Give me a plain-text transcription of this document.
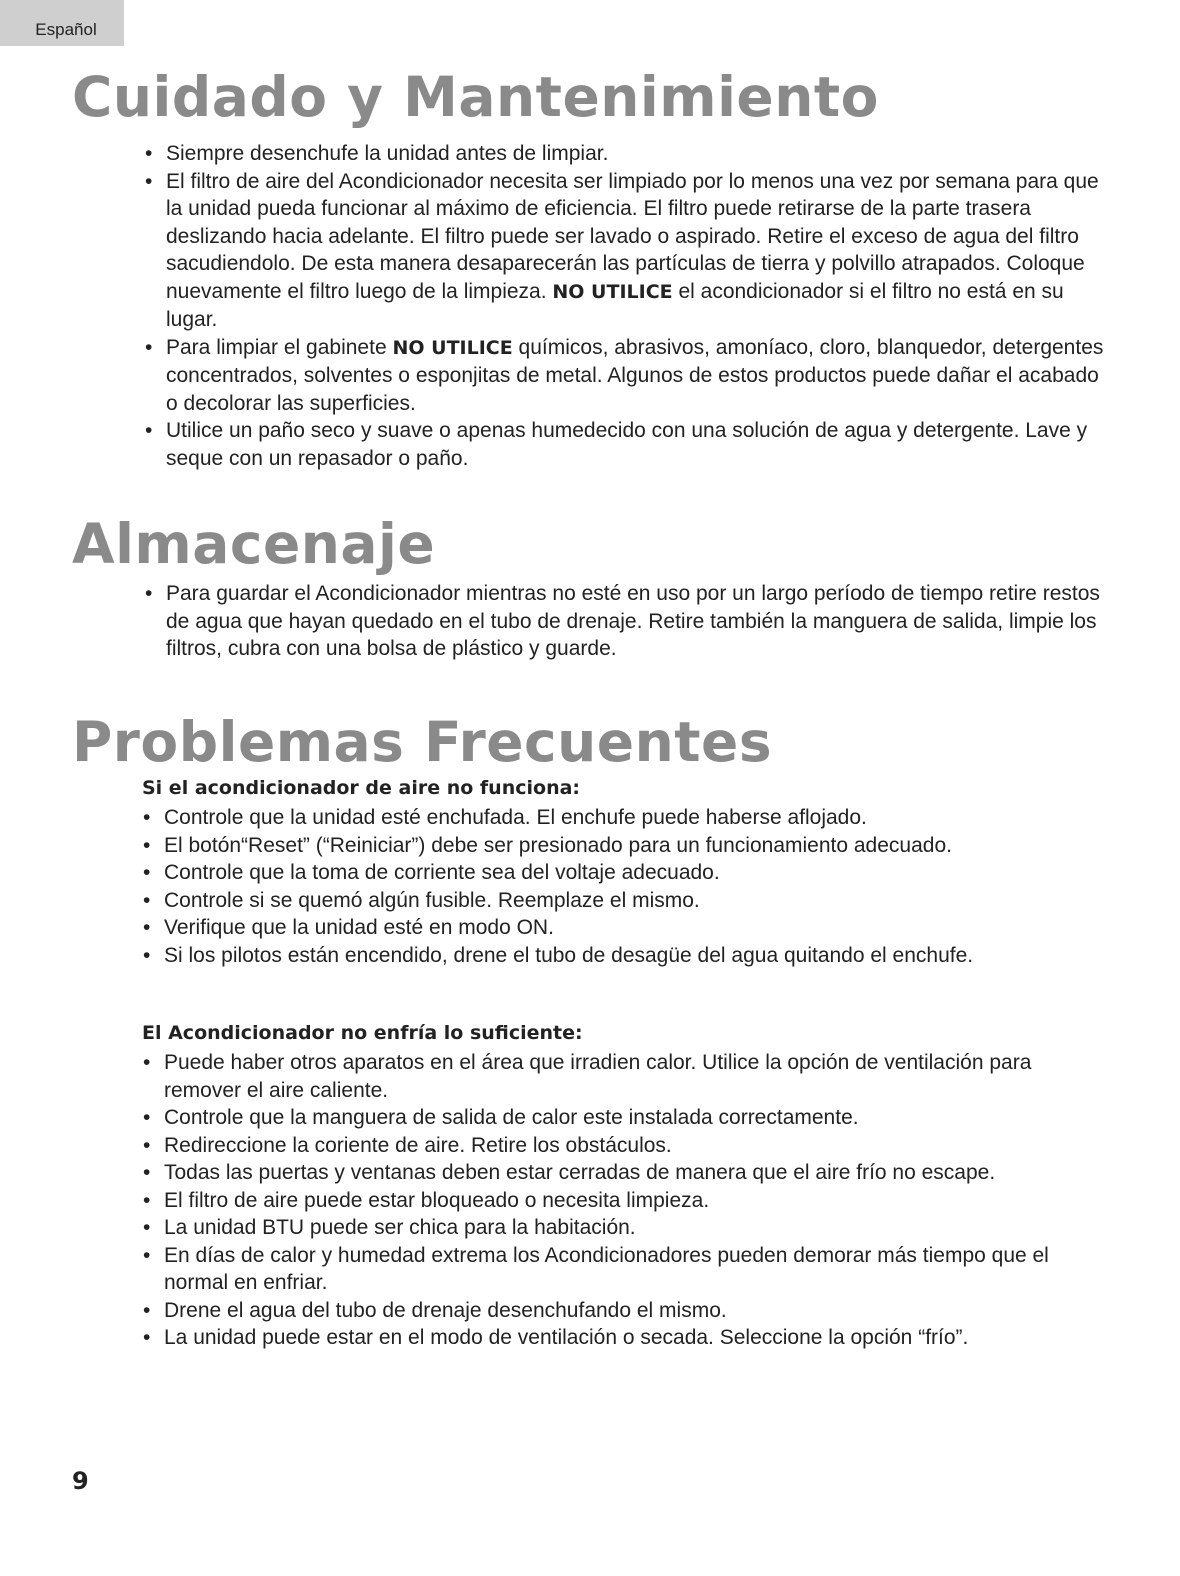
Español
Cuidado y Mantenimiento
• Siempre desenchufe la unidad antes de limpiar.
• El filtro de aire del Acondicionador necesita ser limpiado por lo menos una vez por semana para que la unidad pueda funcionar al máximo de eficiencia. El filtro puede retirarse de la parte trasera deslizando hacia adelante. El filtro puede ser lavado o aspirado. Retire el exceso de agua del filtro sacudiendolo. De esta manera desaparecerán las partículas de tierra y polvillo atrapados. Coloque nuevamente el filtro luego de la limpieza. NO UTILICE el acondicionador si el filtro no está en su lugar.
• Para limpiar el gabinete NO UTILICE químicos, abrasivos, amoníaco, cloro, blanquedor, detergentes concentrados, solventes o esponjitas de metal. Algunos de estos productos puede dañar el acabado o decolorar las superficies.
• Utilice un paño seco y suave o apenas humedecido con una solución de agua y detergente. Lave y seque con un repasador o paño.
Almacenaje
• Para guardar el Acondicionador mientras no esté en uso por un largo período de tiempo retire restos de agua que hayan quedado en el tubo de drenaje. Retire también la manguera de salida, limpie los filtros, cubra con una bolsa de plástico y guarde.
Problemas Frecuentes
Si el acondicionador de aire no funciona:
• Controle que la unidad esté enchufada. El enchufe puede haberse aflojado.
• El botón“Reset” (“Reiniciar”) debe ser presionado para un funcionamiento adecuado.
• Controle que la toma de corriente sea del voltaje adecuado.
• Controle si se quemó algún fusible. Reemplaze el mismo.
• Verifique que la unidad esté en modo ON.
• Si los pilotos están encendido, drene el tubo de desagüe del agua quitando el enchufe.
El Acondicionador no enfría lo suficiente:
• Puede haber otros aparatos en el área que irradien calor. Utilice la opción de ventilación para remover el aire caliente.
• Controle que la manguera de salida de calor este instalada correctamente.
• Redireccione la coriente de aire. Retire los obstáculos.
• Todas las puertas y ventanas deben estar cerradas de manera que el aire frío no escape.
• El filtro de aire puede estar bloqueado o necesita limpieza.
• La unidad BTU puede ser chica para la habitación.
• En días de calor y humedad extrema los Acondicionadores pueden demorar más tiempo que el normal en enfriar.
• Drene el agua del tubo de drenaje desenchufando el mismo.
• La unidad puede estar en el modo de ventilación o secada. Seleccione la opción “frío”.
9
